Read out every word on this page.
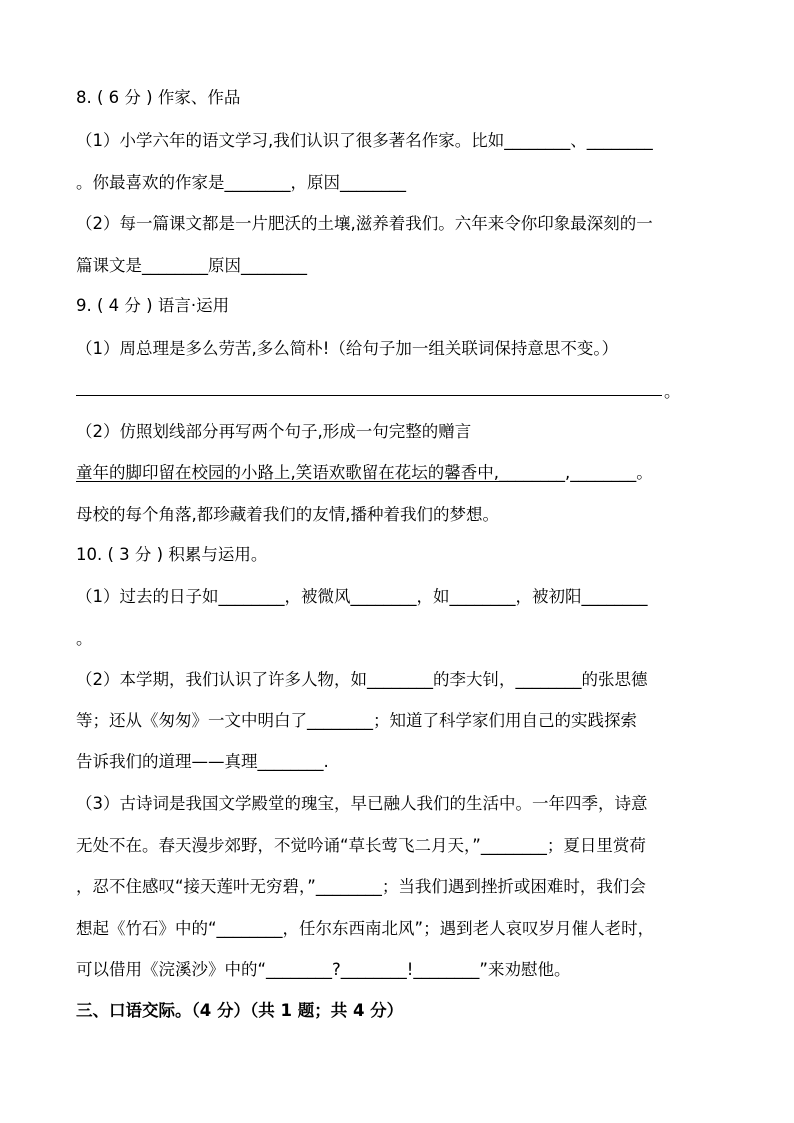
8. ( 6 分 ) 作家、作品
（1）小学六年的语文学习,我们认识了很多著名作家。比如________、________
。你最喜欢的作家是________，原因________
（2）每一篇课文都是一片肥沃的土壤,滋养着我们。六年来令你印象最深刻的一
篇课文是________原因________
9. ( 4 分 ) 语言·运用
（1）周总理是多么劳苦,多么简朴!（给句子加一组关联词保持意思不变。）
。
（2）仿照划线部分再写两个句子,形成一句完整的赠言
童年的脚印留在校园的小路上,笑语欢歌留在花坛的馨香中,________,________。
母校的每个角落,都珍藏着我们的友情,播种着我们的梦想。
10. ( 3 分 ) 积累与运用。
（1）过去的日子如________，被微风________，如________，被初阳________
。
（2）本学期，我们认识了许多人物，如________的李大钊，________的张思德
等；还从《匆匆》一文中明白了________；知道了科学家们用自己的实践探索
告诉我们的道理——真理________.
（3）古诗词是我国文学殿堂的瑰宝，早已融人我们的生活中。一年四季，诗意
无处不在。春天漫步郊野，不觉吟诵“草长莺飞二月天，”________；夏日里赏荷
，忍不住感叹“接天莲叶无穷碧，”________；当我们遇到挫折或困难时，我们会
想起《竹石》中的“________，任尔东西南北风”；遇到老人哀叹岁月催人老时，
可以借用《浣溪沙》中的“________?________!________”来劝慰他。
三、口语交际。（4 分）（共 1 题；共 4 分）
